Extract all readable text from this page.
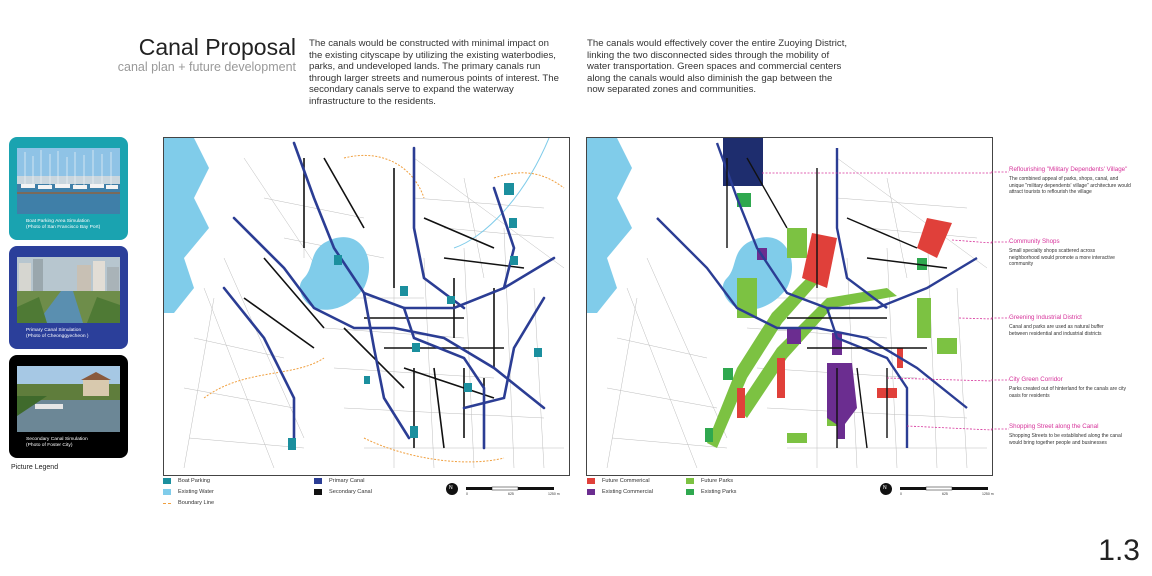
Canal Proposal
canal plan + future development
The canals would be constructed with minimal impact on the existing cityscape by utilizing the existing waterbodies, parks, and undeveloped lands. The primary canals run through larger streets and numerous points of interest. The secondary canals serve to expand the waterway infrastructure to the residents.
The canals would effectively cover the entire Zuoying District, linking the two disconnected sides through the mobility of water transportation. Green spaces and commercial centers along the canals would also diminish the gap between the now separated zones and communities.
Boat Parking Area Simulation
(Photo of San Francisco Bay Port)
Primary Canal Simulation
(Photo of Cheonggyecheon )
Secondary Canal Simulation
(Photo of Foster City)
Picture Legend
Reflourishing "Military Dependents' Village"
The combined appeal of parks, shops, canal, and unique "military dependents' village" architecture would attract tourists to reflourish the village
Community Shops
Small specialty shops scattered across neighborhood would promote a more interactive community
Greening Industrial District
Canal and parks are used as natural buffer between residential and industrial districts
City Green Corridor
Parks created out of hinterland for the canals are city oasis for residents
Shopping Street along the Canal
Shopping Streets to be established along the canal would bring together people and businesses
Boat Parking
Existing Water
Boundary Line
Primary Canal
Secondary Canal
N
0	625	1250 m
Future Commerical
Existing Commercial
Future Parks
Existing Parks
N
0	625	1250 m
1.3
